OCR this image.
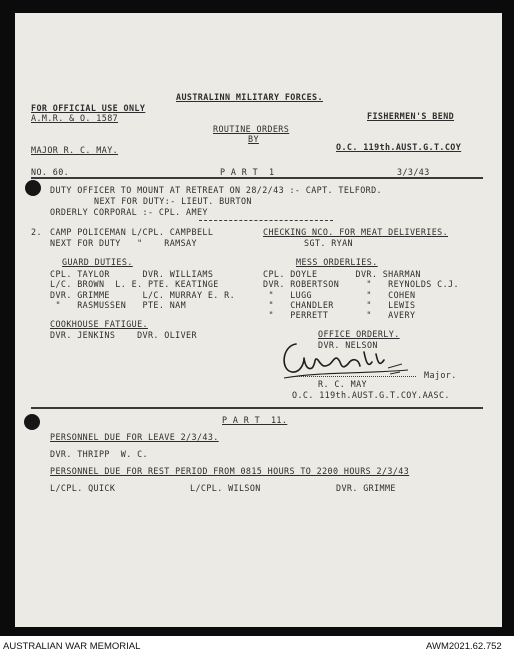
AUSTRALINN MILITARY FORCES.
FOR OFFICIAL USE ONLY
A.M.R. & O. 1587	FISHERMEN'S BEND
ROUTINE ORDERS
BY
MAJOR R. C. MAY.	O.C. 119th.AUST.G.T.COY
NO. 60.	P A R T  1	3/3/43
DUTY OFFICER TO MOUNT AT RETREAT ON 28/2/43 :- CAPT. TELFORD.
NEXT FOR DUTY:- LIEUT. BURTON
ORDERLY CORPORAL :- CPL. AMEY
2. CAMP POLICEMAN L/CPL. CAMPBELL
NEXT FOR DUTY   "    RAMSAY
CHECKING NCO. FOR MEAT DELIVERIES.
SGT. RYAN
GUARD DUTIES.
CPL. TAYLOR      DVR. WILLIAMS
L/C. BROWN  L. E. PTE. KEATINGE
DVR. GRIMME      L/C. MURRAY E. R.
"   RASMUSSEN   PTE. NAM
MESS ORDERLIES.
CPL. DOYLE       DVR. SHARMAN
DVR. ROBERTSON     "   REYNOLDS C.J.
"   LUGG          "   COHEN
"   CHANDLER      "   LEWIS
"   PERRETT       "   AVERY
COOKHOUSE FATIGUE.
DVR. JENKINS    DVR. OLIVER	OFFICE ORDERLY.
DVR. NELSON
Major.
R. C. MAY
O.C. 119th.AUST.G.T.COY.AASC.
P A R T  11.
PERSONNEL DUE FOR LEAVE 2/3/43.
DVR. THRIPP  W. C.
PERSONNEL DUE FOR REST PERIOD FROM 0815 HOURS TO 2200 HOURS 2/3/43
L/CPL. QUICK	L/CPL. WILSON	DVR. GRIMME
AUSTRALIAN WAR MEMORIAL	AWM2021.62.752
